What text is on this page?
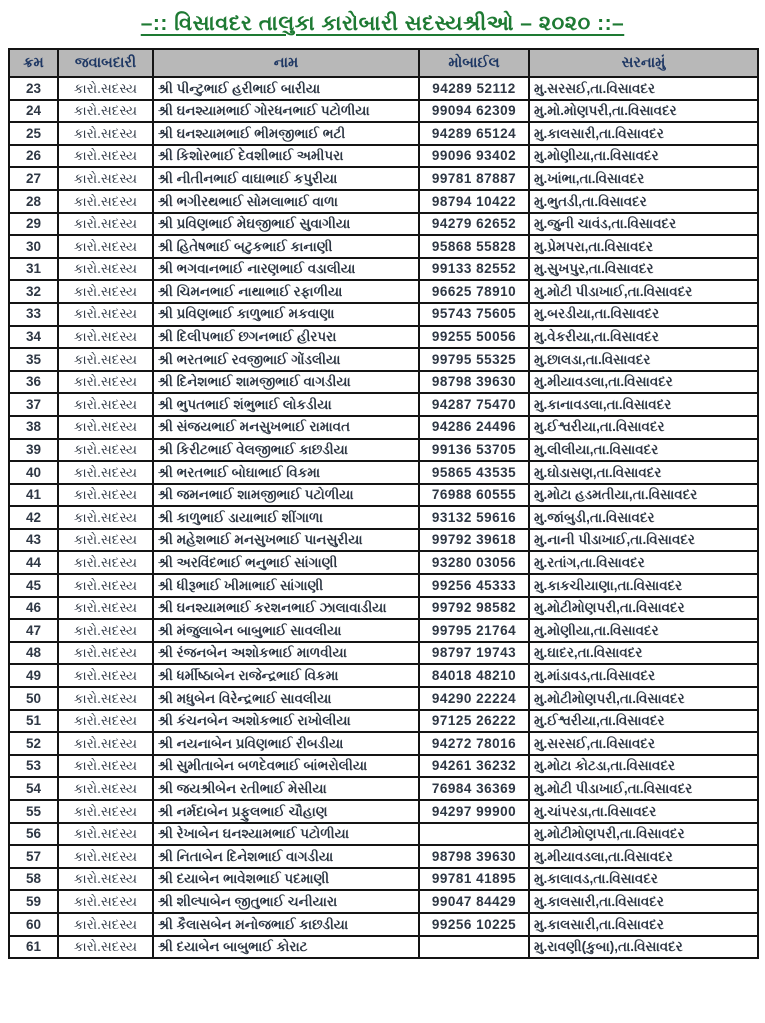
–:: વિસાવદર તાલુકા કારોબારી સદસ્યશ્રીઓ – ૨૦૨૦ ::–
ક્રમ	જવાબદારી	નામ	મોબાઈલ	સરનામું
23	કારો.સદસ્ય	શ્રી પીન્ટુભાઈ હરીભાઈ બારીયા	94289 52112	મુ.સરસઈ,તા.વિસાવદર
24	કારો.સદસ્ય	શ્રી ઘનશ્યામભાઈ ગોરધનભાઈ પટોળીયા	99094 62309	મુ.મો.મોણપરી,તા.વિસાવદર
25	કારો.સદસ્ય	શ્રી ઘનશ્યામભાઈ ભીમજીભાઈ ભટી	94289 65124	મુ.કાલસારી,તા.વિસાવદર
26	કારો.સદસ્ય	શ્રી કિશોરભાઈ દેવશીભાઈ અમીપરા	99096 93402	મુ.મોણીયા,તા.વિસાવદર
27	કારો.સદસ્ય	શ્રી નીતીનભાઈ વાઘાભાઈ કપુરીયા	99781 87887	મુ.ખાંભા,તા.વિસાવદર
28	કારો.સદસ્ય	શ્રી ભગીરથભાઈ સોમલાભાઈ વાળા	98794 10422	મુ.ભુતડી,તા.વિસાવદર
29	કારો.સદસ્ય	શ્રી પ્રવિણભાઈ મેઘજીભાઈ સુવાગીયા	94279 62652	મુ.જુની ચાવંડ,તા.વિસાવદર
30	કારો.સદસ્ય	શ્રી હિતેષભાઈ બટુકભાઈ કાનાણી	95868 55828	મુ.પ્રેમપરા,તા.વિસાવદર
31	કારો.સદસ્ય	શ્રી ભગવાનભાઈ નારણભાઈ વડાલીયા	99133 82552	મુ.સુખપુર,તા.વિસાવદર
32	કારો.સદસ્ય	શ્રી ચિમનભાઈ નાથાભાઈ રફાળીયા	96625 78910	મુ.મોટી પીડાખાઈ,તા.વિસાવદર
33	કારો.સદસ્ય	શ્રી પ્રવિણભાઈ કાળુભાઈ મકવાણા	95743 75605	મુ.બરડીયા,તા.વિસાવદર
34	કારો.સદસ્ય	શ્રી દિલીપભાઈ છગનભાઈ હીરપરા	99255 50056	મુ.વેકરીયા,તા.વિસાવદર
35	કારો.સદસ્ય	શ્રી ભરતભાઈ રવજીભાઈ ગોંડલીયા	99795 55325	મુ.છાલડા,તા.વિસાવદર
36	કારો.સદસ્ય	શ્રી દિનેશભાઈ શામજીભાઈ વાગડીયા	98798 39630	મુ.મીયાવડલા,તા.વિસાવદર
37	કારો.સદસ્ય	શ્રી ભુપતભાઈ શંભુભાઈ લોકડીયા	94287 75470	મુ.કાનાવડલા,તા.વિસાવદર
38	કારો.સદસ્ય	શ્રી સંજયભાઈ મનસુખભાઈ રામાવત	94286 24496	મુ.ઈશ્વરીયા,તા.વિસાવદર
39	કારો.સદસ્ય	શ્રી કિરીટભાઈ વેલજીભાઈ કાછડીયા	99136 53705	મુ.લીલીયા,તા.વિસાવદર
40	કારો.સદસ્ય	શ્રી ભરતભાઈ બોઘાભાઈ વિકમા	95865 43535	મુ.ઘોડાસણ,તા.વિસાવદર
41	કારો.સદસ્ય	શ્રી જમનભાઈ શામજીભાઈ પટોળીયા	76988 60555	મુ.મોટા હડમતીયા,તા.વિસાવદર
42	કારો.સદસ્ય	શ્રી કાળુભાઈ ડાયાભાઈ શીંગાળા	93132 59616	મુ.જાંબુડી,તા.વિસાવદર
43	કારો.સદસ્ય	શ્રી મહેશભાઈ મનસુખભાઈ પાનસુરીયા	99792 39618	મુ.નાની પીડાખાઈ,તા.વિસાવદર
44	કારો.સદસ્ય	શ્રી અરવિંદભાઈ ભનુભાઈ સાંગાણી	93280 03056	મુ.રતાંગ,તા.વિસાવદર
45	કારો.સદસ્ય	શ્રી ધીરૂભાઈ ખીમાભાઈ સાંગાણી	99256 45333	મુ.કાકચીયાણા,તા.વિસાવદર
46	કારો.સદસ્ય	શ્રી ઘનશ્યામભાઈ કરશનભાઈ ઝાલાવાડીયા	99792 98582	મુ.મોટીમોણપરી,તા.વિસાવદર
47	કારો.સદસ્ય	શ્રી મંજુલાબેન બાબુભાઈ સાવલીયા	99795 21764	મુ.મોણીયા,તા.વિસાવદર
48	કારો.સદસ્ય	શ્રી રંજનબેન અશોકભાઈ માળવીયા	98797 19743	મુ.ઘાદર,તા.વિસાવદર
49	કારો.સદસ્ય	શ્રી ધર્મીષ્ઠાબેન રાજેન્દ્રભાઈ વિકમા	84018 48210	મુ.માંડાવડ,તા.વિસાવદર
50	કારો.સદસ્ય	શ્રી મધુબેન વિરેન્દ્રભાઈ સાવલીયા	94290 22224	મુ.મોટીમોણપરી,તા.વિસાવદર
51	કારો.સદસ્ય	શ્રી કંચનબેન અશોકભાઈ રાખોલીયા	97125 26222	મુ.ઈશ્વરીયા,તા.વિસાવદર
52	કારો.સદસ્ય	શ્રી નયનાબેન પ્રવિણભાઈ રીબડીયા	94272 78016	મુ.સરસઈ,તા.વિસાવદર
53	કારો.સદસ્ય	શ્રી સુમીતાબેન બળદેવભાઈ બાંભરોલીયા	94261 36232	મુ.મોટા કોટડા,તા.વિસાવદર
54	કારો.સદસ્ય	શ્રી જયશ્રીબેન રતીભાઈ મેસીયા	76984 36369	મુ.મોટી પીડાખાઈ,તા.વિસાવદર
55	કારો.સદસ્ય	શ્રી નર્મદાબેન પ્રફુલભાઈ ચૌહાણ	94297 99900	મુ.ચાંપરડા,તા.વિસાવદર
56	કારો.સદસ્ય	શ્રી રેખાબેન ઘનશ્યામભાઈ પટોળીયા		મુ.મોટીમોણપરી,તા.વિસાવદર
57	કારો.સદસ્ય	શ્રી નિતાબેન દિનેશભાઈ વાગડીયા	98798 39630	મુ.મીયાવડલા,તા.વિસાવદર
58	કારો.સદસ્ય	શ્રી દયાબેન ભાવેશભાઈ પદમાણી	99781 41895	મુ.કાલાવડ,તા.વિસાવદર
59	કારો.સદસ્ય	શ્રી શીલ્પાબેન જીતુભાઈ ચનીયારા	99047 84429	મુ.કાલસારી,તા.વિસાવદર
60	કારો.સદસ્ય	શ્રી કૈલાસબેન મનોજભાઈ કાછડીયા	99256 10225	મુ.કાલસારી,તા.વિસાવદર
61	કારો.સદસ્ય	શ્રી દયાબેન બાબુભાઈ કોરાટ		મુ.રાવણી(કુબા),તા.વિસાવદર
